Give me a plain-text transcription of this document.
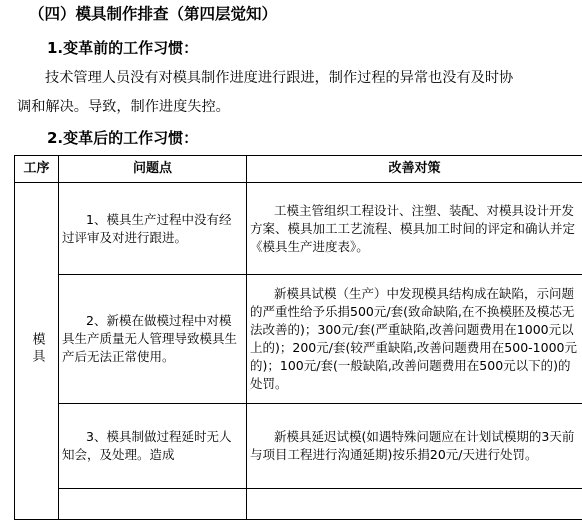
（四）模具制作排查（第四层觉知）
1.变革前的工作习惯：
技术管理人员没有对模具制作进度进行跟进，制作过程的异常也没有及时协
调和解决。导致，制作进度失控。
2.变革后的工作习惯：
工序	问题点	改善对策
模具	1、模具生产过程中没有经过评审及对进行跟进。	工模主管组织工程设计、注塑、装配、对模具设计开发方案、模具加工工艺流程、模具加工时间的评定和确认并定《模具生产进度表》。

	2、新模在做模过程中对模具生产质量无人管理导致模具生产后无法正常使用。	新模具试模（生产）中发现模具结构成在缺陷，示问题的严重性给予乐捐500元/套(致命缺陷,在不换模胚及模芯无法改善的)；300元/套(严重缺陷,改善问题费用在1000元以上的)；200元/套(较严重缺陷,改善问题费用在500-1000元的)；100元/套(一般缺陷,改善问题费用在500元以下的)的处罚。

	3、模具制做过程延时无人知会，及处理。造成	新模具延迟试模(如遇特殊问题应在计划试模期的3天前与项目工程进行沟通延期)按乐捐20元/天进行处罚。
